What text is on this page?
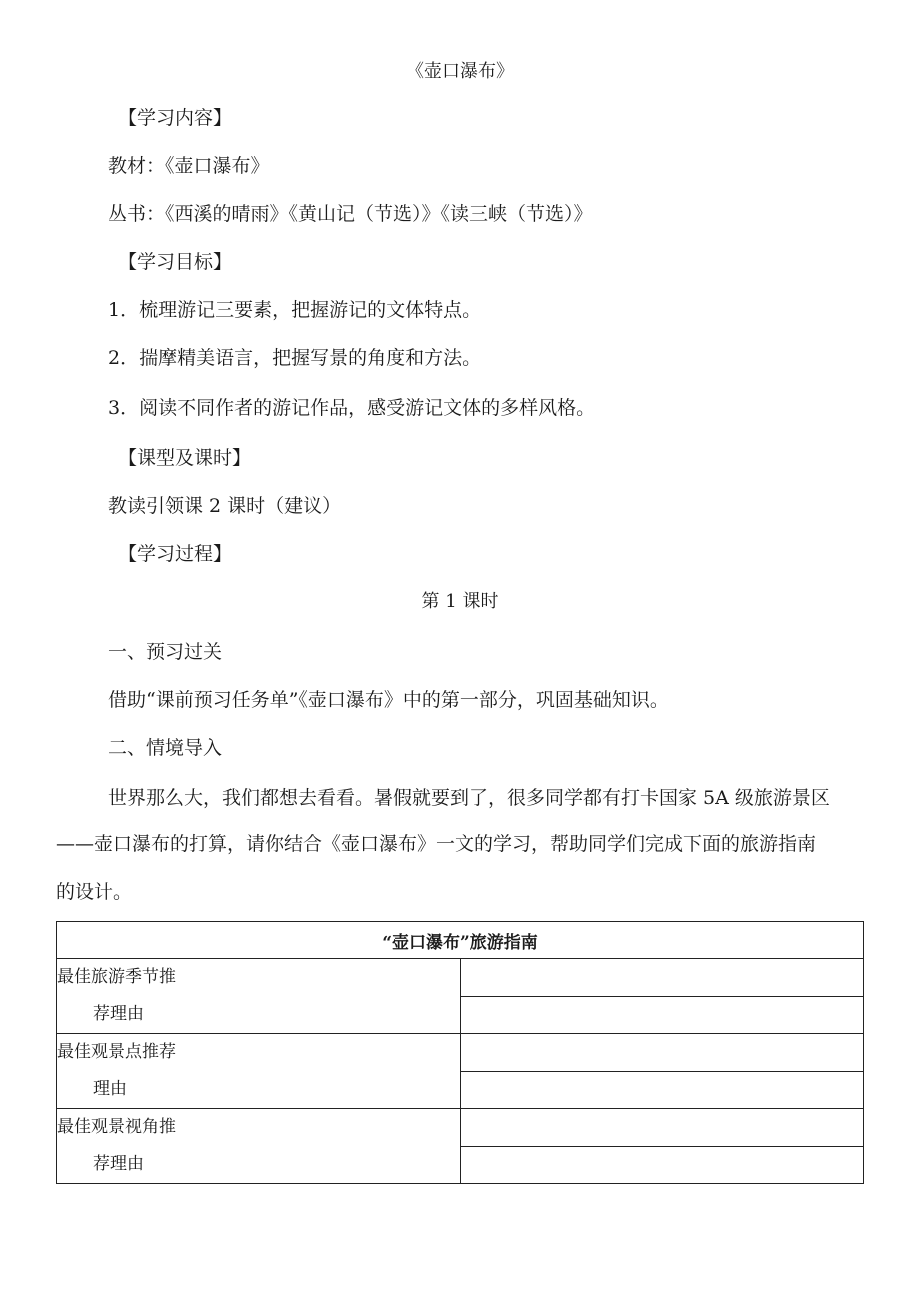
《壶口瀑布》
【学习内容】
教材：《壶口瀑布》
丛书：《西溪的晴雨》《黄山记（节选）》《读三峡（节选）》
【学习目标】
1．梳理游记三要素，把握游记的文体特点。
2．揣摩精美语言，把握写景的角度和方法。
3．阅读不同作者的游记作品，感受游记文体的多样风格。
【课型及课时】
教读引领课 2 课时（建议）
【学习过程】
第 1 课时
一、预习过关
借助“课前预习任务单”《壶口瀑布》中的第一部分，巩固基础知识。
二、情境导入
世界那么大，我们都想去看看。暑假就要到了，很多同学都有打卡国家 5A 级旅游景区
——壶口瀑布的打算，请你结合《壶口瀑布》一文的学习，帮助同学们完成下面的旅游指南
的设计。
“壶口瀑布”旅游指南	

最佳旅游季节推
荐理由	

最佳观景点推荐
理由	

最佳观景视角推
荐理由	
